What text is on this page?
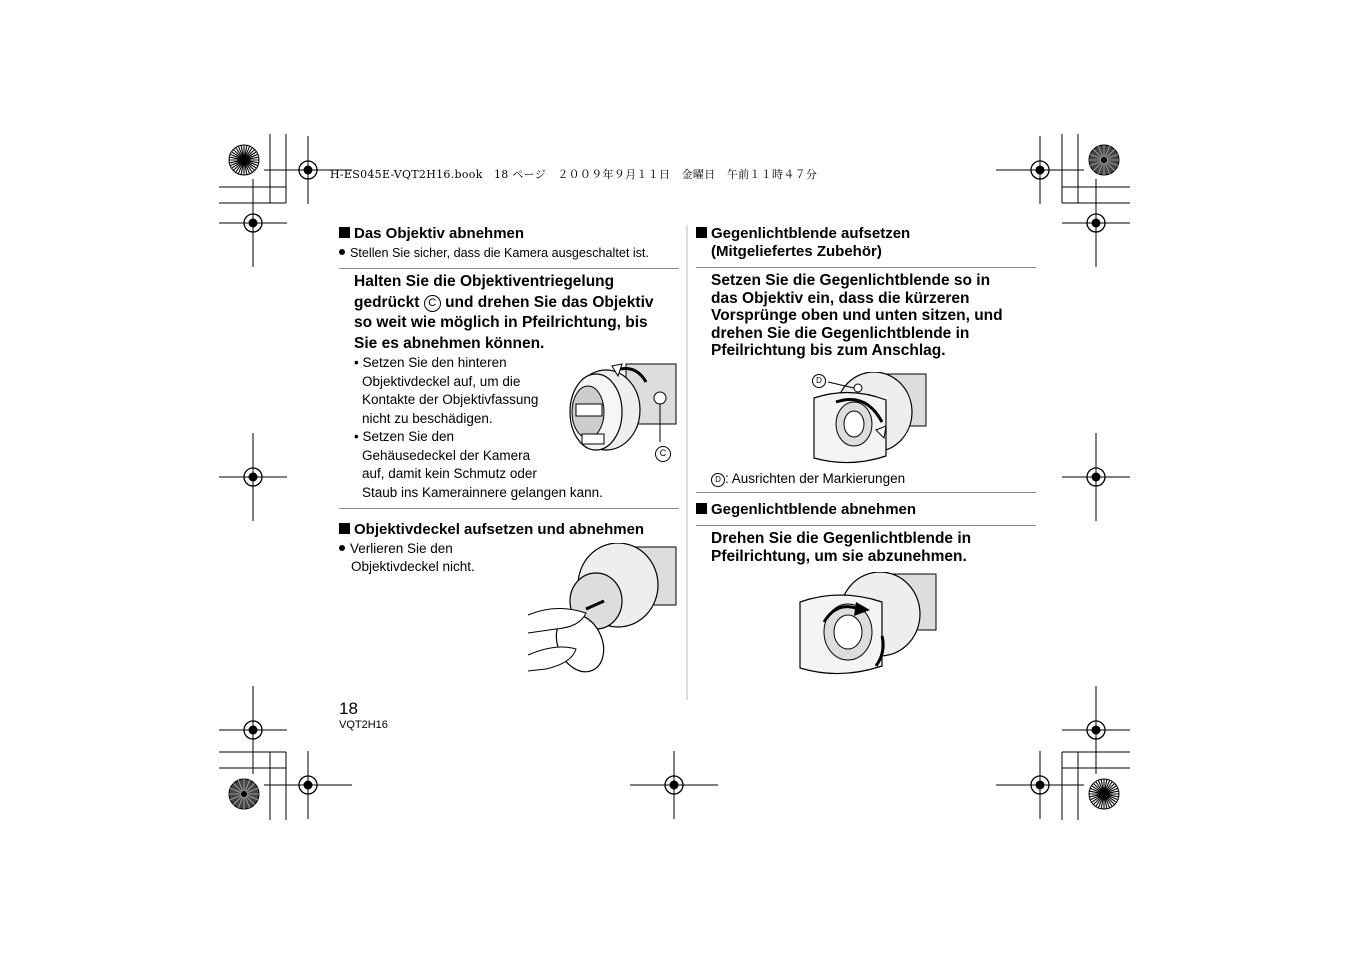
H-ES045E-VQT2H16.book　18 ページ　２００９年９月１１日　金曜日　午前１１時４７分
Das Objektiv abnehmen
Stellen Sie sicher, dass die Kamera ausgeschaltet ist.
Halten Sie die Objektiventriegelung
gedrückt C und drehen Sie das Objektiv
so weit wie möglich in Pfeilrichtung, bis
Sie es abnehmen können.

• Setzen Sie den hinteren

Objektivdeckel auf, um die

Kontakte der Objektivfassung

nicht zu beschädigen.

• Setzen Sie den

Gehäusedeckel der Kamera

auf, damit kein Schmutz oder

Staub ins Kamerainnere gelangen kann.

C
Objektivdeckel aufsetzen und abnehmen
Verlieren Sie den
Objektivdeckel nicht.
18
VQT2H16
Gegenlichtblende aufsetzen
(Mitgeliefertes Zubehör)
Setzen Sie die Gegenlichtblende so in
das Objektiv ein, dass die kürzeren
Vorsprünge oben und unten sitzen, und
drehen Sie die Gegenlichtblende in
Pfeilrichtung bis zum Anschlag.
D
D : Ausrichten der Markierungen
Gegenlichtblende abnehmen
Drehen Sie die Gegenlichtblende in
Pfeilrichtung, um sie abzunehmen.
